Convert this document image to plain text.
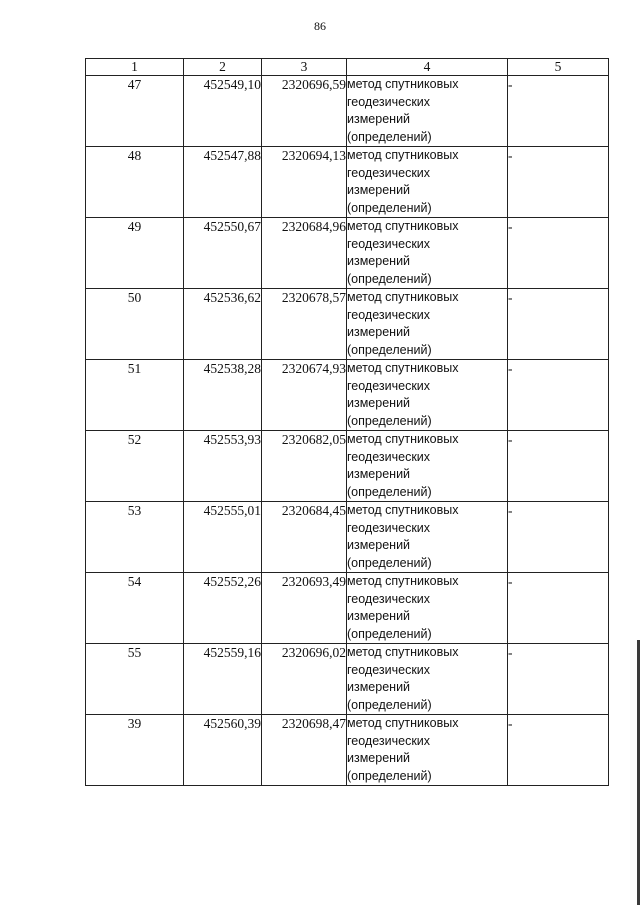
86
1	2	3	4	5
47	452549,10	2320696,59	метод спутниковых
геодезических
измерений
(определений)	-
48	452547,88	2320694,13	метод спутниковых
геодезических
измерений
(определений)	-
49	452550,67	2320684,96	метод спутниковых
геодезических
измерений
(определений)	-
50	452536,62	2320678,57	метод спутниковых
геодезических
измерений
(определений)	-
51	452538,28	2320674,93	метод спутниковых
геодезических
измерений
(определений)	-
52	452553,93	2320682,05	метод спутниковых
геодезических
измерений
(определений)	-
53	452555,01	2320684,45	метод спутниковых
геодезических
измерений
(определений)	-
54	452552,26	2320693,49	метод спутниковых
геодезических
измерений
(определений)	-
55	452559,16	2320696,02	метод спутниковых
геодезических
измерений
(определений)	-
39	452560,39	2320698,47	метод спутниковых
геодезических
измерений
(определений)	-
